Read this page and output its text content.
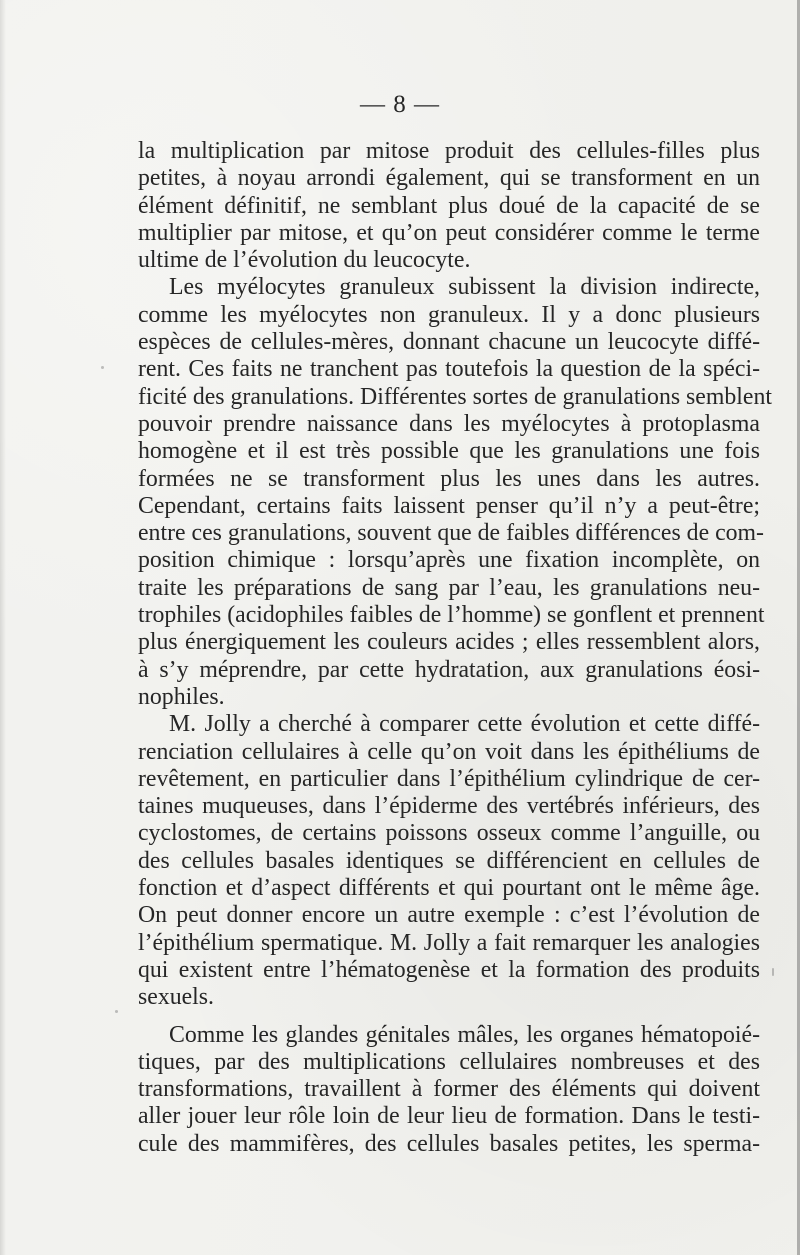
— 8 —
la multiplication par mitose produit des cellules-filles plus
petites, à noyau arrondi également, qui se transforment en un
élément définitif, ne semblant plus doué de la capacité de se
multiplier par mitose, et qu’on peut considérer comme le terme
ultime de l’évolution du leucocyte.
Les myélocytes granuleux subissent la division indirecte,
comme les myélocytes non granuleux. Il y a donc plusieurs
espèces de cellules-mères, donnant chacune un leucocyte diffé-
rent. Ces faits ne tranchent pas toutefois la question de la spéci-
ficité des granulations. Différentes sortes de granulations semblent
pouvoir prendre naissance dans les myélocytes à protoplasma
homogène et il est très possible que les granulations une fois
formées ne se transforment plus les unes dans les autres.
Cependant, certains faits laissent penser qu’il n’y a peut-être;
entre ces granulations, souvent que de faibles différences de com-
position chimique : lorsqu’après une fixation incomplète, on
traite les préparations de sang par l’eau, les granulations neu-
trophiles (acidophiles faibles de l’homme) se gonflent et prennent
plus énergiquement les couleurs acides ; elles ressemblent alors,
à s’y méprendre, par cette hydratation, aux granulations éosi-
nophiles.
M. Jolly a cherché à comparer cette évolution et cette diffé-
renciation cellulaires à celle qu’on voit dans les épithéliums de
revêtement, en particulier dans l’épithélium cylindrique de cer-
taines muqueuses, dans l’épiderme des vertébrés inférieurs, des
cyclostomes, de certains poissons osseux comme l’anguille, ou
des cellules basales identiques se différencient en cellules de
fonction et d’aspect différents et qui pourtant ont le même âge.
On peut donner encore un autre exemple : c’est l’évolution de
l’épithélium spermatique. M. Jolly a fait remarquer les analogies
qui existent entre l’hématogenèse et la formation des produits
sexuels.
Comme les glandes génitales mâles, les organes hématopoié-
tiques, par des multiplications cellulaires nombreuses et des
transformations, travaillent à former des éléments qui doivent
aller jouer leur rôle loin de leur lieu de formation. Dans le testi-
cule des mammifères, des cellules basales petites, les sperma-
